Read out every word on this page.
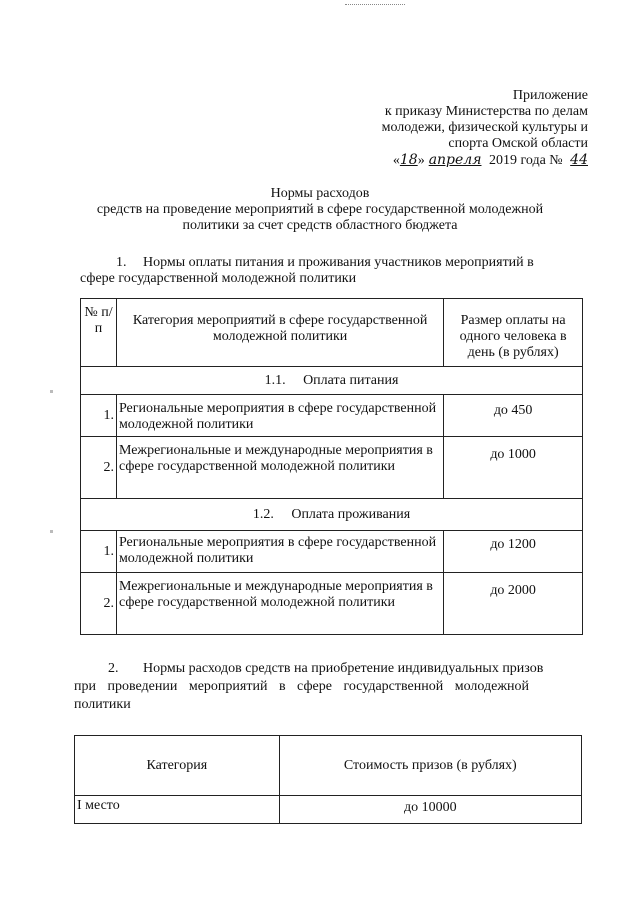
Приложение
к приказу Министерства по делам
молодежи, физической культуры и
спорта Омской области
«18» апреля 2019 года № 44
Нормы расходов
средств на проведение мероприятий в сфере государственной молодежной
политики за счет средств областного бюджета
1. Нормы оплаты питания и проживания участников мероприятий в
сфере государственной молодежной политики
№ п/п	Категория мероприятий в сфере государственной молодежной политики	Размер оплаты на одного человека в день (в рублях)
1.1. Оплата питания		
1.	Региональные мероприятия в сфере государственной молодежной политики	до 450
2.	Межрегиональные и международные мероприятия в сфере государственной молодежной политики	до 1000
1.2. Оплата проживания		
1.	Региональные мероприятия в сфере государственной молодежной политики	до 1200
2.	Межрегиональные и международные мероприятия в сфере государственной молодежной политики	до 2000
2. Нормы расходов средств на приобретение индивидуальных призов
при проведении мероприятий в сфере государственной молодежной
политики
Категория	Стоимость призов (в рублях)
I место	до 10000
